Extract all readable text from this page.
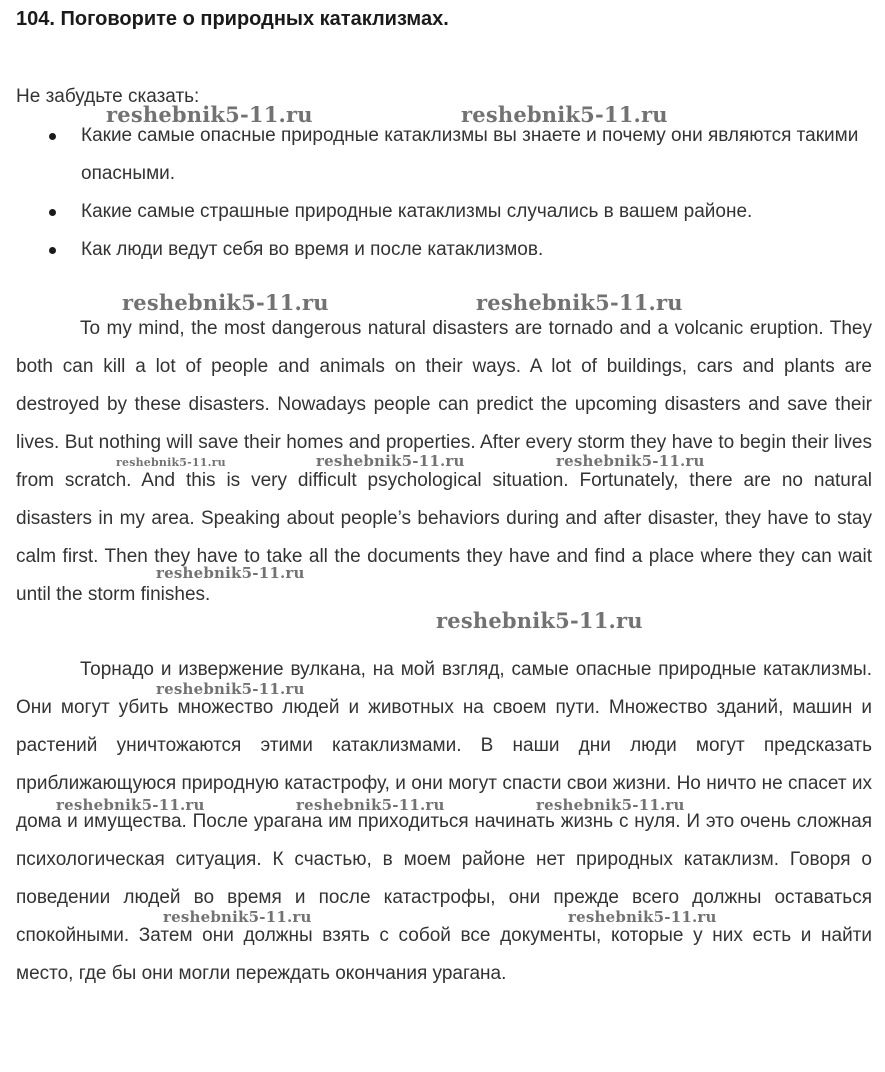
104. Поговорите о природных катаклизмах.
Не забудьте сказать:
Какие самые опасные природные катаклизмы вы знаете и почему они являются такими опасными.
Какие самые страшные природные катаклизмы случались в вашем районе.
Как люди ведут себя во время и после катаклизмов.

To my mind, the most dangerous natural disasters are tornado and a volcanic eruption. They both can kill a lot of people and animals on their ways. A lot of buildings, cars and plants are destroyed by these disasters. Nowadays people can predict the upcoming disasters and save their lives. But nothing will save their homes and properties. After every storm they have to begin their lives from scratch. And this is very difficult psychological situation. Fortunately, there are no natural disasters in my area. Speaking about people’s behaviors during and after disaster, they have to stay calm first. Then they have to take all the documents they have and find a place where they can wait until the storm finishes.

Торнадо и извержение вулкана, на мой взгляд, самые опасные природные катаклизмы. Они могут убить множество людей и животных на своем пути. Множество зданий, машин и растений уничтожаются этими катаклизмами. В наши дни люди могут предсказать приближающуюся природную катастрофу, и они могут спасти свои жизни. Но ничто не спасет их дома и имущества. После урагана им приходиться начинать жизнь с нуля. И это очень сложная психологическая ситуация. К счастью, в моем районе нет природных катаклизм. Говоря о поведении людей во время и после катастрофы, они прежде всего должны оставаться спокойными. Затем они должны взять с собой все документы, которые у них есть и найти место, где бы они могли переждать окончания урагана.

reshebnik5-11.ru	reshebnik5-11.ru
reshebnik5-11.ru	reshebnik5-11.ru
reshebnik5-11.ru	reshebnik5-11.ru	reshebnik5-11.ru
reshebnik5-11.ru
reshebnik5-11.ru
reshebnik5-11.ru
reshebnik5-11.ru	reshebnik5-11.ru	reshebnik5-11.ru
reshebnik5-11.ru	reshebnik5-11.ru
